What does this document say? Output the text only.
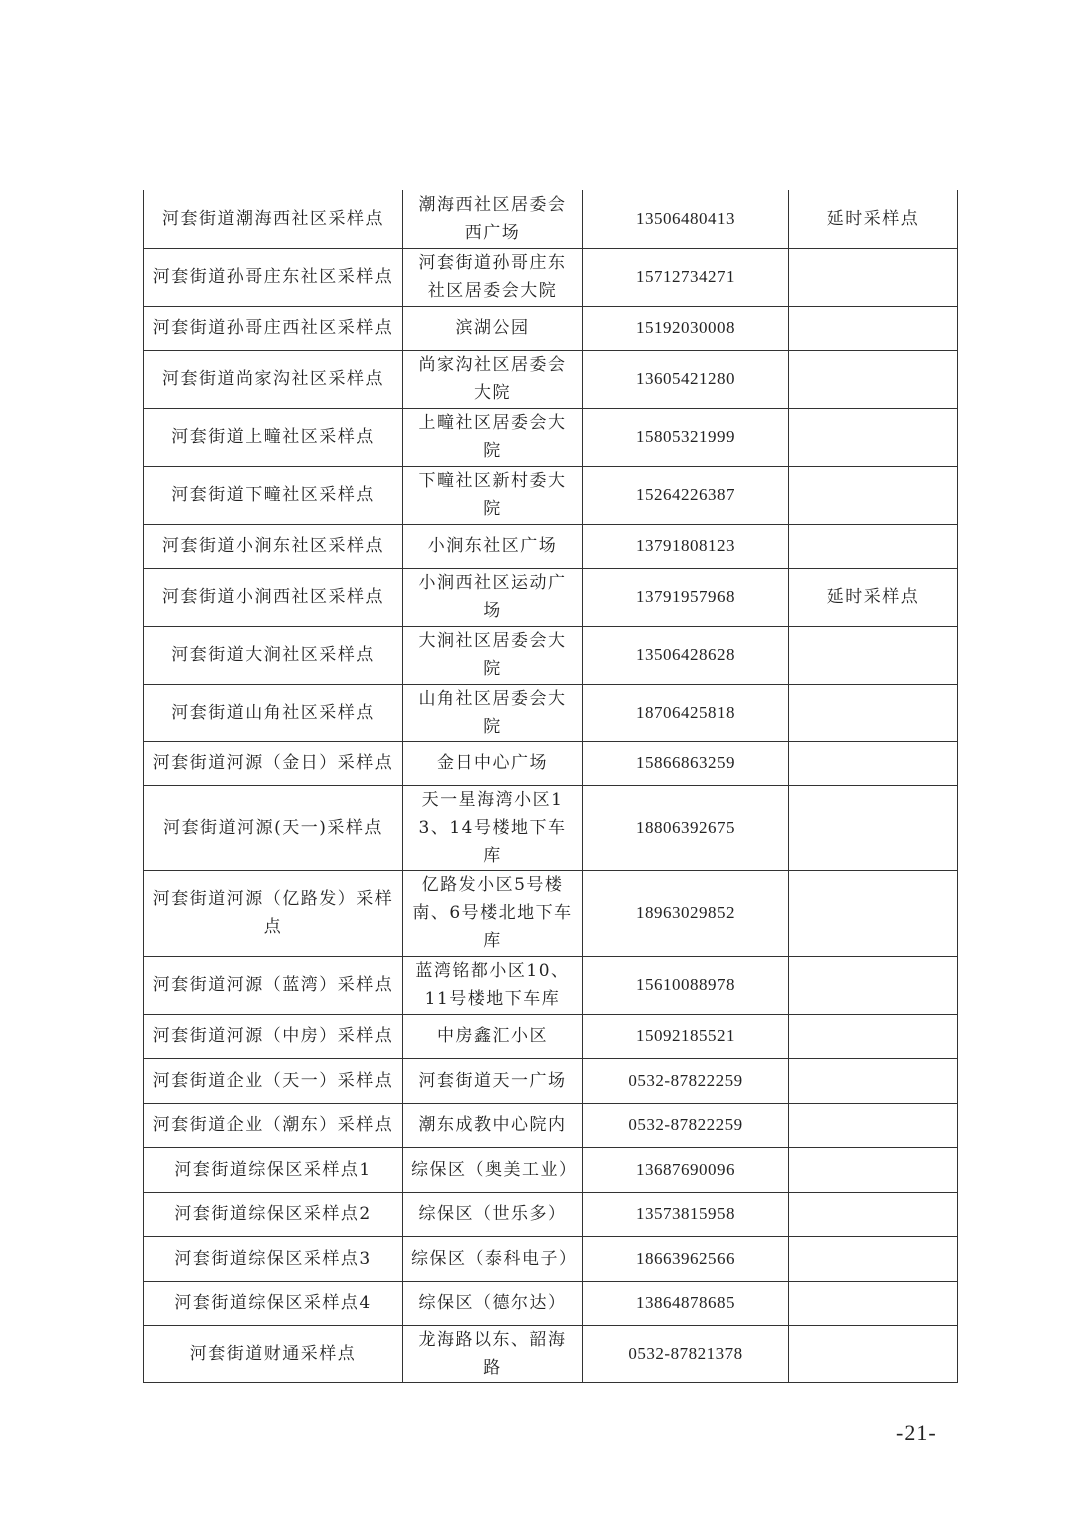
河套街道潮海西社区采样点	潮海西社区居委会西广场	13506480413	延时采样点
河套街道孙哥庄东社区采样点	河套街道孙哥庄东社区居委会大院	15712734271	
河套街道孙哥庄西社区采样点	滨湖公园	15192030008	
河套街道尚家沟社区采样点	尚家沟社区居委会大院	13605421280	
河套街道上疃社区采样点	上疃社区居委会大院	15805321999	
河套街道下疃社区采样点	下疃社区新村委大院	15264226387	
河套街道小涧东社区采样点	小涧东社区广场	13791808123	
河套街道小涧西社区采样点	小涧西社区运动广场	13791957968	延时采样点
河套街道大涧社区采样点	大涧社区居委会大院	13506428628	
河套街道山角社区采样点	山角社区居委会大院	18706425818	
河套街道河源（金日）采样点	金日中心广场	15866863259	
河套街道河源(天一)采样点	天一星海湾小区13、14号楼地下车库	18806392675	
河套街道河源（亿路发）采样点	亿路发小区5号楼南、6号楼北地下车库	18963029852	
河套街道河源（蓝湾）采样点	蓝湾铭都小区10、11号楼地下车库	15610088978	
河套街道河源（中房）采样点	中房鑫汇小区	15092185521	
河套街道企业（天一）采样点	河套街道天一广场	0532-87822259	
河套街道企业（潮东）采样点	潮东成教中心院内	0532-87822259	
河套街道综保区采样点1	综保区（奥美工业）	13687690096	
河套街道综保区采样点2	综保区（世乐多）	13573815958	
河套街道综保区采样点3	综保区（泰科电子）	18663962566	
河套街道综保区采样点4	综保区（德尔达）	13864878685	
河套街道财通采样点	龙海路以东、韶海路	0532-87821378	
-21-
